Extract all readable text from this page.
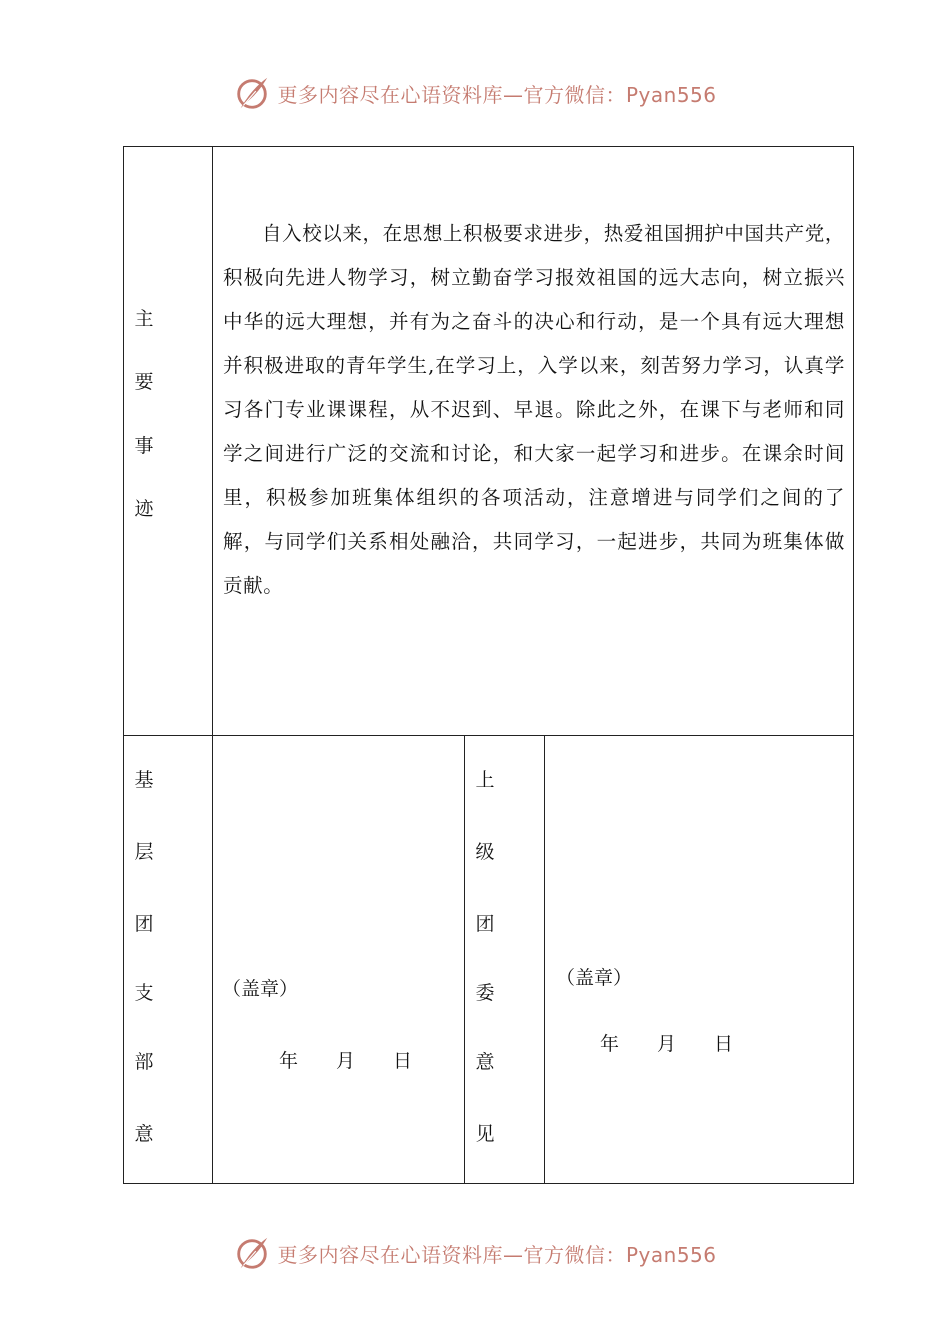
更多内容尽在心语资料库—官方微信：Pyan556
主
要
事
迹

自入校以来，在思想上积极要求进步，热爱祖国拥护中国共产党，积极向先进人物学习，树立勤奋学习报效祖国的远大志向，树立振兴中华的远大理想，并有为之奋斗的决心和行动，是一个具有远大理想并积极进取的青年学生,在学习上，入学以来，刻苦努力学习，认真学习各门专业课课程，从不迟到、早退。除此之外，在课下与老师和同学之间进行广泛的交流和讨论，和大家一起学习和进步。在课余时间里，积极参加班集体组织的各项活动，注意增进与同学们之间的了解，与同学们关系相处融洽，共同学习，一起进步，共同为班集体做贡献。

基
层
团
支
部
意
（盖章）
年 月 日
上
级
团
委
意
见
（盖章）
年 月 日
更多内容尽在心语资料库—官方微信：Pyan556
